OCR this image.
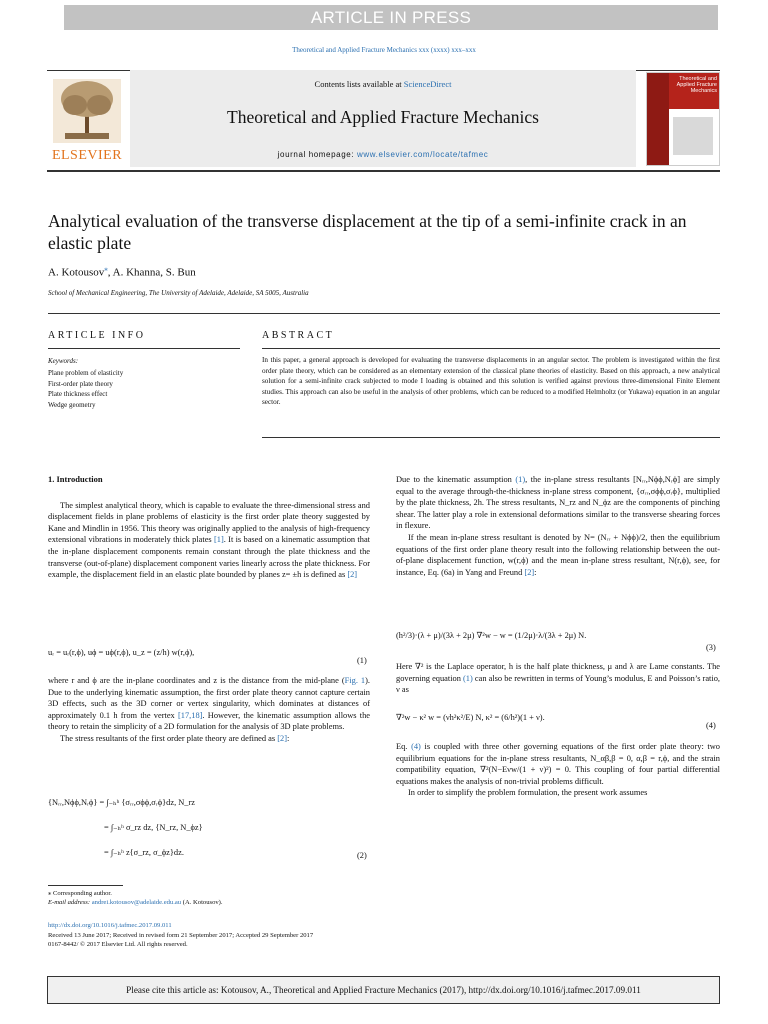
ARTICLE IN PRESS
Theoretical and Applied Fracture Mechanics xxx (xxxx) xxx–xxx
ELSEVIER
Contents lists available at ScienceDirect
Theoretical and Applied Fracture Mechanics
journal homepage: www.elsevier.com/locate/tafmec
Theoretical and Applied Fracture Mechanics
Analytical evaluation of the transverse displacement at the tip of a semi-infinite crack in an elastic plate
A. Kotousov⁎, A. Khanna, S. Bun
School of Mechanical Engineering, The University of Adelaide, Adelaide, SA 5005, Australia
ARTICLE INFO	ABSTRACT
Keywords:
Plane problem of elasticity
First-order plate theory
Plate thickness effect
Wedge geometry
In this paper, a general approach is developed for evaluating the transverse displacements in an angular sector. The problem is investigated within the first order plate theory, which can be considered as an elementary extension of the classical plane theories of elasticity. Based on this approach, a new analytical solution for a semi-infinite crack subjected to mode I loading is obtained and this solution is verified against previous three-dimensional Finite Element studies. This approach can also be useful in the analysis of other problems, which can be reduced to a modified Helmholtz (or Yukawa) equation in an angular sector.

1. Introduction

The simplest analytical theory, which is capable to evaluate the three-dimensional stress and displacement fields in plane problems of elasticity is the first order plate theory suggested by Kane and Mindlin in 1956. This theory was originally applied to the analysis of high-frequency extensional vibrations in moderately thick plates [1]. It is based on a kinematic assumption that the in-plane displacement components remain constant through the plate thickness and the transverse (out-of-plane) displacement component varies linearly across the plate thickness. For example, the displacement field in an elastic plate bounded by planes z= ±h is defined as [2]

uᵣ = uᵣ(r,ϕ), uϕ = uϕ(r,ϕ), u_z = (z/h) w(r,ϕ),
(1)

where r and ϕ are the in-plane coordinates and z is the distance from the mid-plane (Fig. 1). Due to the underlying kinematic assumption, the first order plate theory cannot capture certain 3D effects, such as the 3D corner or vertex singularity, which dominates at distances of approximately 0.1 h from the vertex [17,18]. However, the kinematic assumption allows the theory to retain the simplicity of a 2D formulation for the analysis of 3D plate problems.

The stress resultants of the first order plate theory are defined as [2]:

{Nᵣᵣ,Nϕϕ,Nᵣϕ} = ∫₋ₕʰ {σᵣᵣ,σϕϕ,σᵣϕ}dz, N_rz
= ∫₋ₕʰ σ_rz dz, {N_rz, N_ϕz}
= ∫₋ₕʰ z{σ_rz, σ_ϕz}dz.	(2)

Due to the kinematic assumption (1), the in-plane stress resultants [Nᵣᵣ,Nϕϕ,Nᵣϕ] are simply equal to the average through-the-thickness in-plane stress component, {σᵣᵣ,σϕϕ,σᵣϕ}, multiplied by the plate thickness, 2h. The stress resultants, N_rz and N_ϕz are the components of pinching shear. The latter play a role in extensional deformations similar to the transverse shearing forces in flexure.

If the mean in-plane stress resultant is denoted by N= (Nᵣᵣ + Nϕϕ)/2, then the equilibrium equations of the first order plane theory result into the following relationship between the out-of-plane displacement function, w(r,ϕ) and the mean in-plane stress resultant, N(r,ϕ), see, for instance, Eq. (6a) in Yang and Freund [2]:

(h²/3)·(λ + μ)/(3λ + 2μ) ∇²w − w = (1/2μ)·λ/(3λ + 2μ) N.
(3)

Here ∇² is the Laplace operator, h is the half plate thickness, μ and λ are Lame constants. The governing equation (1) can also be rewritten in terms of Young’s modulus, E and Poisson’s ratio, ν as

∇²w − κ² w = (νh²κ²/E) N, κ² = (6/h²)(1 + ν).
(4)

Eq. (4) is coupled with three other governing equations of the first order plate theory: two equilibrium equations for the in-plane stress resultants, N_αβ,β = 0, α,β = r,ϕ, and the strain compatibility equation, ∇²(N−Eνw/(1 + ν)²) = 0. This coupling of four partial differential equations makes the analysis of non-trivial problems difficult.

In order to simplify the problem formulation, the present work assumes

⁎ Corresponding author.
E-mail address: andrei.kotousov@adelaide.edu.au (A. Kotousov).
http://dx.doi.org/10.1016/j.tafmec.2017.09.011
Received 13 June 2017; Received in revised form 21 September 2017; Accepted 29 September 2017
0167-8442/ © 2017 Elsevier Ltd. All rights reserved.
Please cite this article as: Kotousov, A., Theoretical and Applied Fracture Mechanics (2017), http://dx.doi.org/10.1016/j.tafmec.2017.09.011
